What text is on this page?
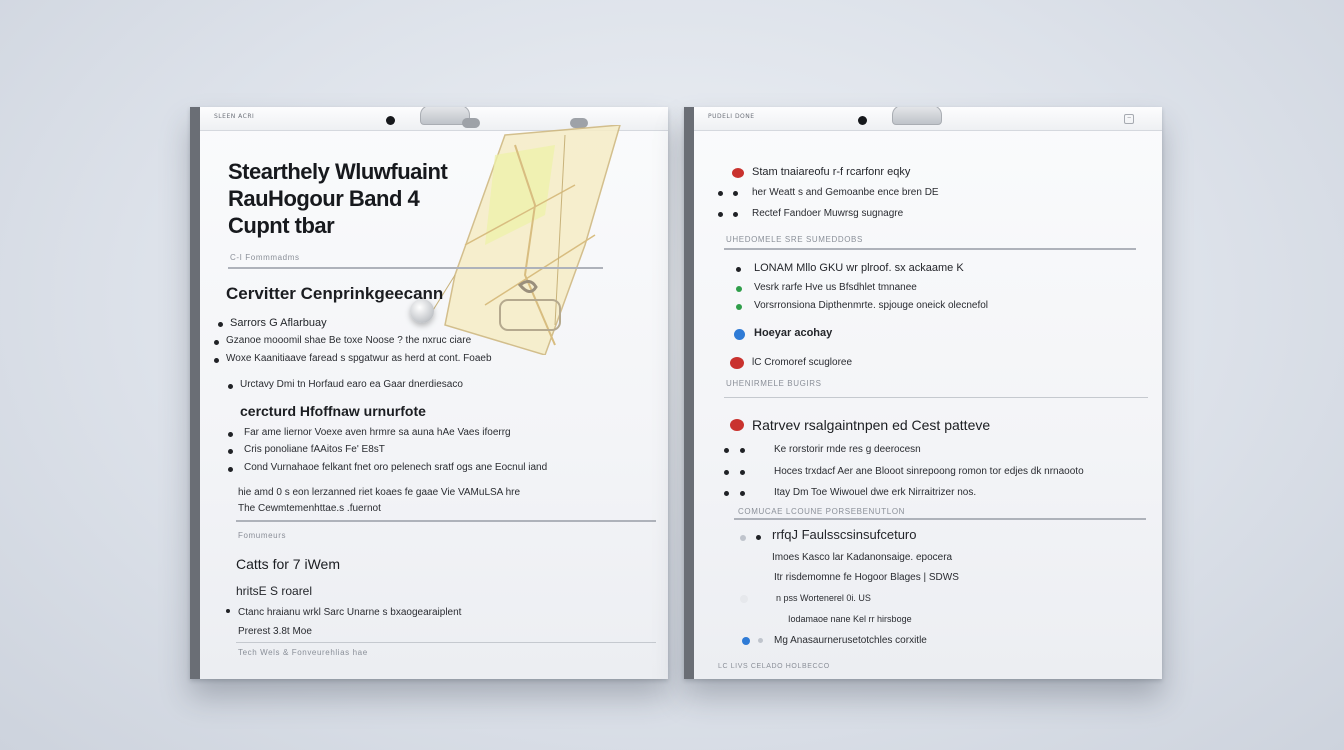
SLEEN ACRI
Stearthely Wluwfuaint
RauHogour Band 4
Cupnt tbar
C‑I Fommmadms
Cervitter Cenprinkgeecann
Sarrors G Aflarbuay
Gzanoe mooomil shae Be toxe Noose ? the nxruc ciare
Woxe Kaanitiaave faread s spgatwur as herd at cont. Foaeb
Urctavy Dmi tn Horfaud earo ea Gaar dnerdiesaco
cercturd Hfoffnaw urnurfote
Far ame liernor Voexe aven hrmre sa auna hAe Vaes ifoerrg
Cris ponoliane fAAitos Fe' E8sT
Cond Vurnahaoe felkant fnet oro pelenech sratf ogs ane Eocnul iand
hie amd 0 s eon lerzanned riet koaes fe gaae Vie VAMuLSA hre
The Cewmtemenhttae.s .fuernot
Fomumeurs
Catts for 7 iWem
hritsE S roarel
Ctanc hraianu wrkl Sarc Unarne s bxaogearaiplent
Prerest 3.8t Moe
Tech Wels & Fonveurehlias hae
PUDELI DONE	−
Stam tnaiareofu r-f rcarfonr eqky
her Weatt s and Gemoanbe ence bren DE
Rectef Fandoer Muwrsg sugnagre
UHEDOMELE SRE SUMEDDOBS
LONAM Mllo GKU wr plroof. sx ackaame K
Vesrk rarfe Hve us Bfsdhlet tmnanee
Vorsrronsiona Dipthenmrte. spjouge oneick olecnefol
Hoeyar acohay
lC Cromoref scugloree
UHENIRMELE BUGIRS
Ratrvev rsalgaintnpen ed Cest patteve
Ke rorstorir rnde res g deerocesn
Hoces trxdacf Aer ane Blooot sinrepoong romon tor edjes dk nrnaooto
Itay Dm Toe Wiwouel dwe erk Nirraitrizer nos.
COMUCAE LCOUNE PORSEBENUTLON
rrfqJ Faulsscsinsufceturo
Imoes Kasco lar Kadanonsaige. epocera
Itr risdemomne fe Hogoor Blages | SDWS
n pss Wortenerel 0i. US
Iodamaoe nane Kel rr hirsboge
Mg Anasaurnerusetotchles corxitle
LC LIVS CELADO HOLBECCO
